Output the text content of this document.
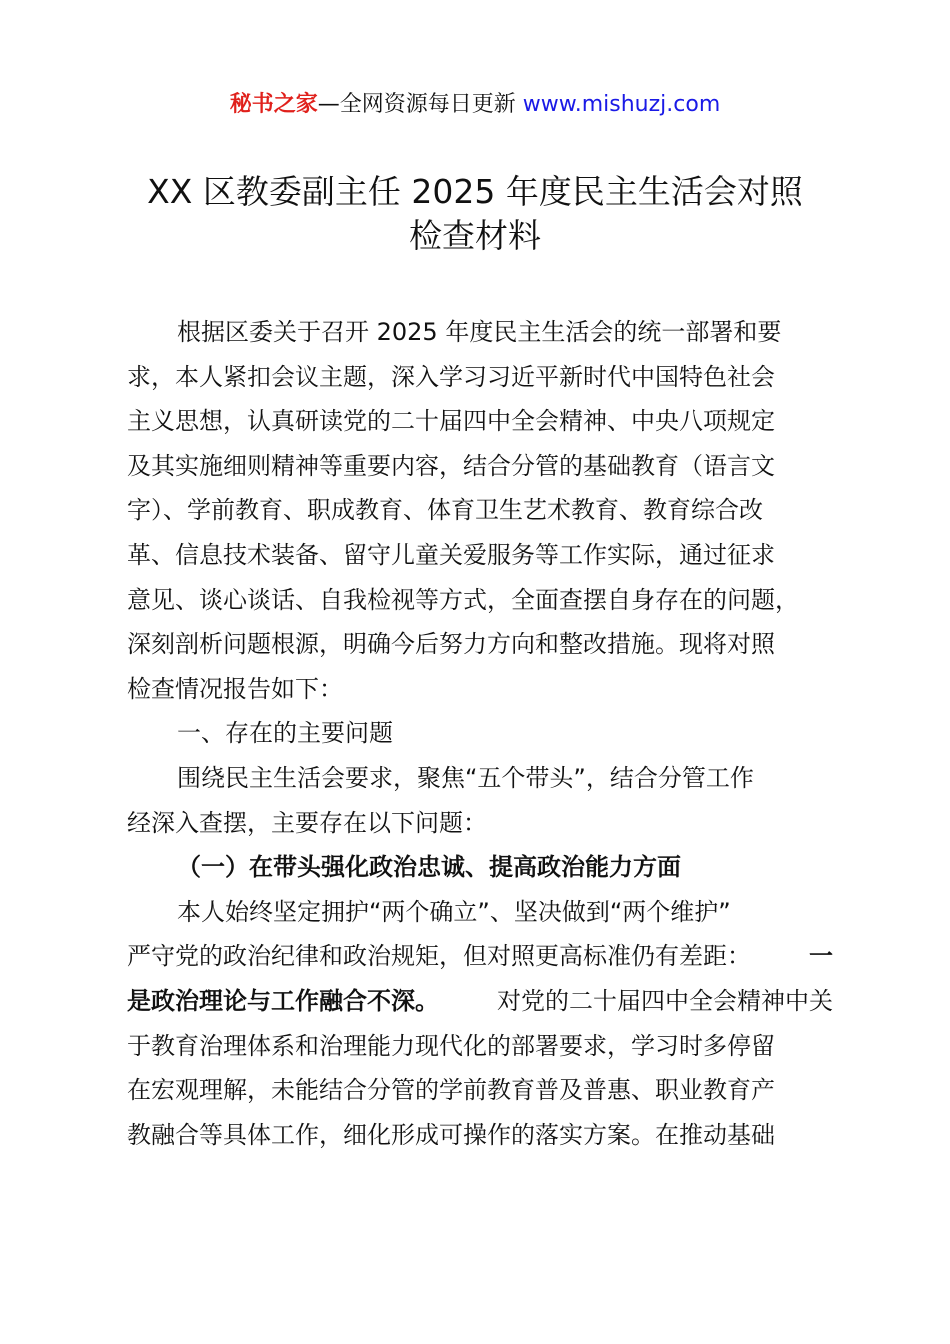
秘书之家—全网资源每日更新 www.mishuzj.com
XX 区教委副主任 2025 年度民主生活会对照
检查材料
根据区委关于召开 2025 年度民主生活会的统一部署和要
求，本人紧扣会议主题，深入学习习近平新时代中国特色社会
主义思想，认真研读党的二十届四中全会精神、中央八项规定
及其实施细则精神等重要内容，结合分管的基础教育（语言文
字）、学前教育、职成教育、体育卫生艺术教育、教育综合改
革、信息技术装备、留守儿童关爱服务等工作实际，通过征求
意见、谈心谈话、自我检视等方式，全面查摆自身存在的问题，
深刻剖析问题根源，明确今后努力方向和整改措施。现将对照
检查情况报告如下：
一、存在的主要问题
围绕民主生活会要求，聚焦“五个带头”，结合分管工作
经深入查摆，主要存在以下问题：
（一）在带头强化政治忠诚、提高政治能力方面
本人始终坚定拥护“两个确立”、坚决做到“两个维护”
严守党的政治纪律和政治规矩，但对照更高标准仍有差距： 一
是政治理论与工作融合不深。 对党的二十届四中全会精神中关
于教育治理体系和治理能力现代化的部署要求，学习时多停留
在宏观理解，未能结合分管的学前教育普及普惠、职业教育产
教融合等具体工作，细化形成可操作的落实方案。在推动基础
